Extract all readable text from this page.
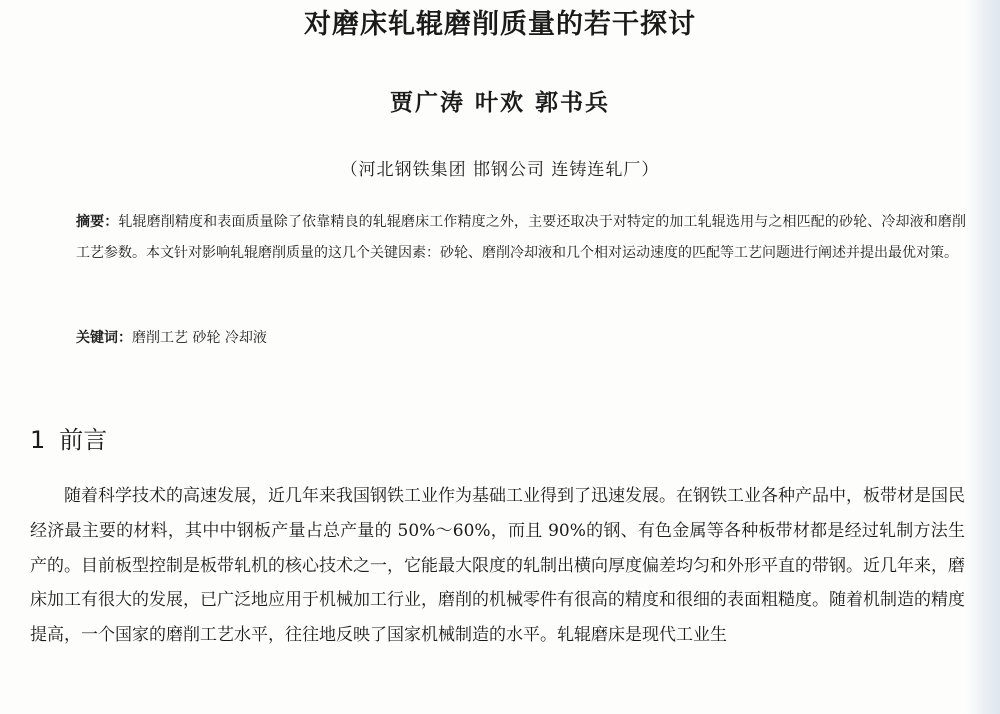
对磨床轧辊磨削质量的若干探讨
贾广涛 叶欢 郭书兵
（河北钢铁集团 邯钢公司 连铸连轧厂）
摘要：轧辊磨削精度和表面质量除了依靠精良的轧辊磨床工作精度之外，主要还取决于对特定的加工轧辊选用与之相匹配的砂轮、冷却液和磨削工艺参数。本文针对影响轧辊磨削质量的这几个关键因素：砂轮、磨削冷却液和几个相对运动速度的匹配等工艺问题进行阐述并提出最优对策。
关键词：磨削工艺 砂轮 冷却液
1 前言
随着科学技术的高速发展，近几年来我国钢铁工业作为基础工业得到了迅速发展。在钢铁工业各种产品中，板带材是国民经济最主要的材料，其中中钢板产量占总产量的 50%～60%，而且 90%的钢、有色金属等各种板带材都是经过轧制方法生产的。目前板型控制是板带轧机的核心技术之一，它能最大限度的轧制出横向厚度偏差均匀和外形平直的带钢。近几年来，磨床加工有很大的发展，已广泛地应用于机械加工行业，磨削的机械零件有很高的精度和很细的表面粗糙度。随着机制造的精度提高，一个国家的磨削工艺水平，往往地反映了国家机械制造的水平。轧辊磨床是现代工业生
